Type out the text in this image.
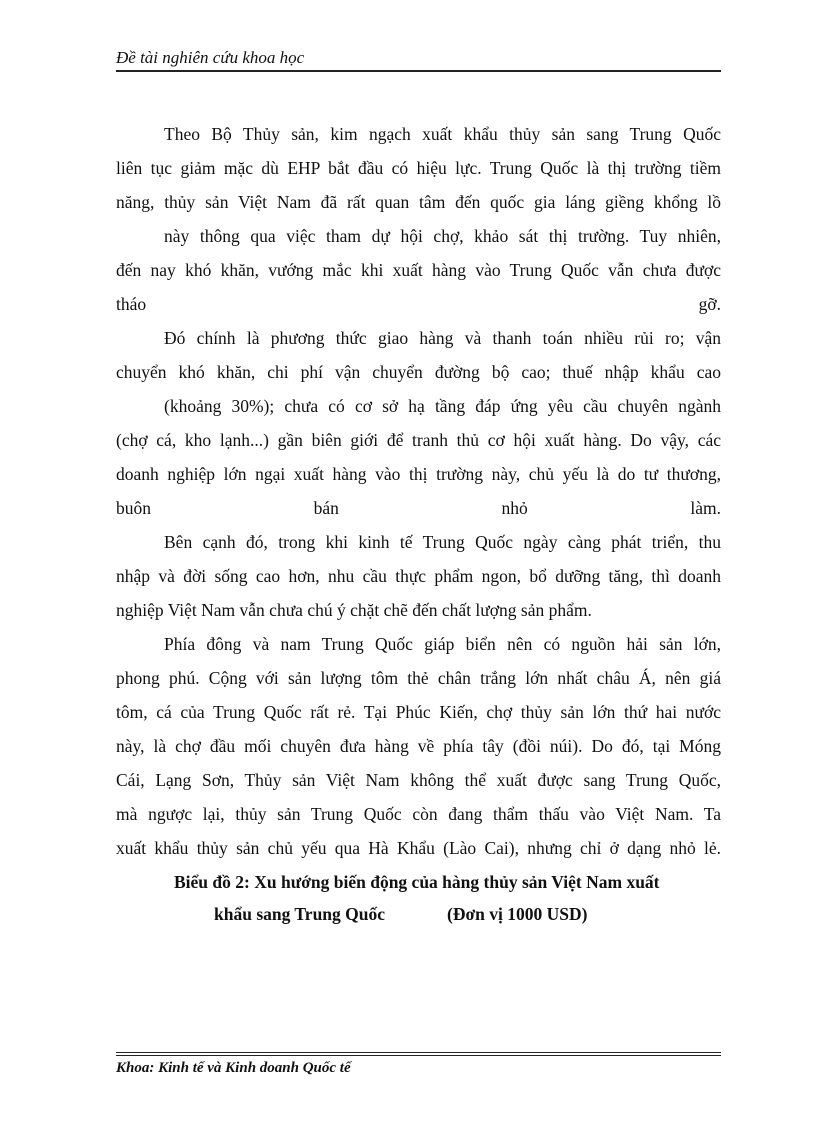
Đề tài nghiên cứu khoa học
Theo Bộ Thủy sản, kim ngạch xuất khẩu thủy sản sang Trung Quốc
liên tục giảm mặc dù EHP bắt đầu có hiệu lực. Trung Quốc là thị trường tiềm
năng, thủy sản Việt Nam đã rất quan tâm đến quốc gia láng giềng khổng lồ
này thông qua việc tham dự hội chợ, khảo sát thị trường. Tuy nhiên,
đến nay khó khăn, vướng mắc khi xuất hàng vào Trung Quốc vẫn chưa được
tháo gỡ.
Đó chính là phương thức giao hàng và thanh toán nhiều rủi ro; vận
chuyển khó khăn, chi phí vận chuyển đường bộ cao; thuế nhập khẩu cao
(khoảng 30%); chưa có cơ sở hạ tầng đáp ứng yêu cầu chuyên ngành
(chợ cá, kho lạnh...) gần biên giới để tranh thủ cơ hội xuất hàng. Do vậy, các
doanh nghiệp lớn ngại xuất hàng vào thị trường này, chủ yếu là do tư thương,
buôn bán nhỏ làm.
Bên cạnh đó, trong khi kinh tế Trung Quốc ngày càng phát triển, thu
nhập và đời sống cao hơn, nhu cầu thực phẩm ngon, bổ dưỡng tăng, thì doanh
nghiệp Việt Nam vẫn chưa chú ý chặt chẽ đến chất lượng sản phẩm.
Phía đông và nam Trung Quốc giáp biển nên có nguồn hải sản lớn,
phong phú. Cộng với sản lượng tôm thẻ chân trắng lớn nhất châu Á, nên giá
tôm, cá của Trung Quốc rất rẻ. Tại Phúc Kiến, chợ thủy sản lớn thứ hai nước
này, là chợ đầu mối chuyên đưa hàng về phía tây (đồi núi). Do đó, tại Móng
Cái, Lạng Sơn, Thủy sản Việt Nam không thể xuất được sang Trung Quốc,
mà ngược lại, thủy sản Trung Quốc còn đang thẩm thấu vào Việt Nam. Ta
xuất khẩu thủy sản chủ yếu qua Hà Khẩu (Lào Cai), nhưng chỉ ở dạng nhỏ lẻ.
Biểu đồ 2: Xu hướng biến động của hàng thủy sản Việt Nam xuất
khẩu sang Trung Quốc	(Đơn vị 1000 USD)
Khoa: Kinh tế và Kinh doanh Quốc tế
